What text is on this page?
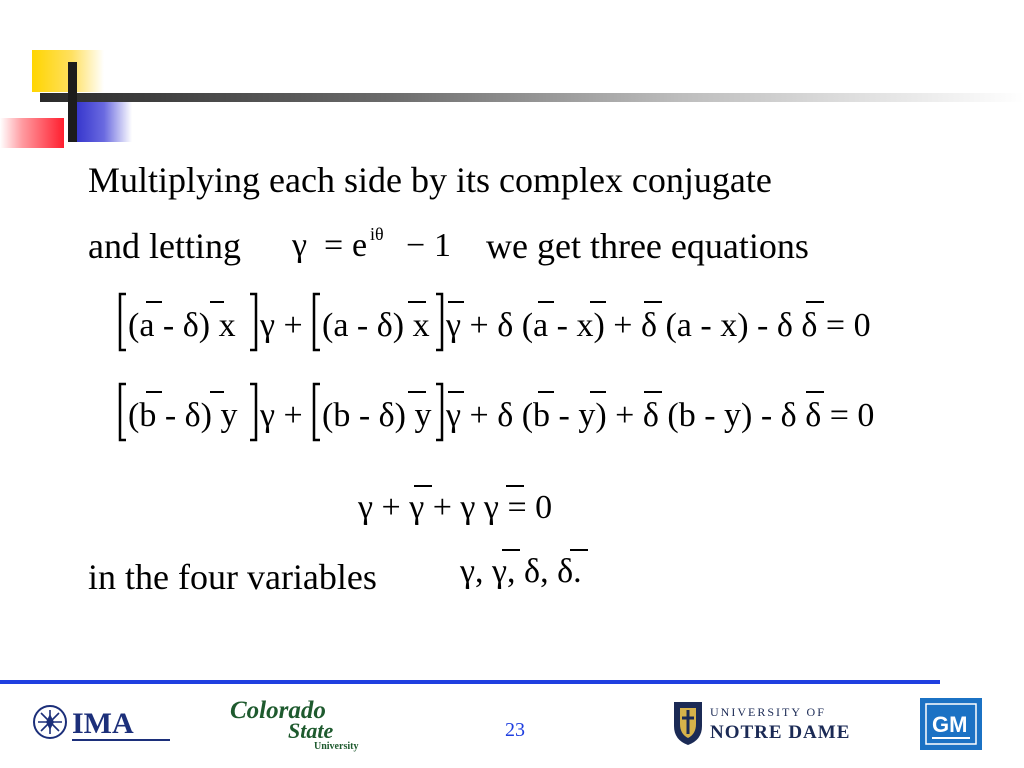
Multiplying each side by its complex conjugate
and letting γ = e iθ − 1 we get three equations
(a - δ) x γ + (a - δ) x γ + δ (a - x) + δ (a - x) - δ δ = 0
(b - δ) y γ + (b - δ) y γ + δ (b - y) + δ (b - y) - δ δ = 0
γ + γ + γ γ = 0
in the four variables γ, γ, δ, δ.
23
IMA	Colorado
State
University
UNIVERSITY OF
NOTRE DAME	GM
